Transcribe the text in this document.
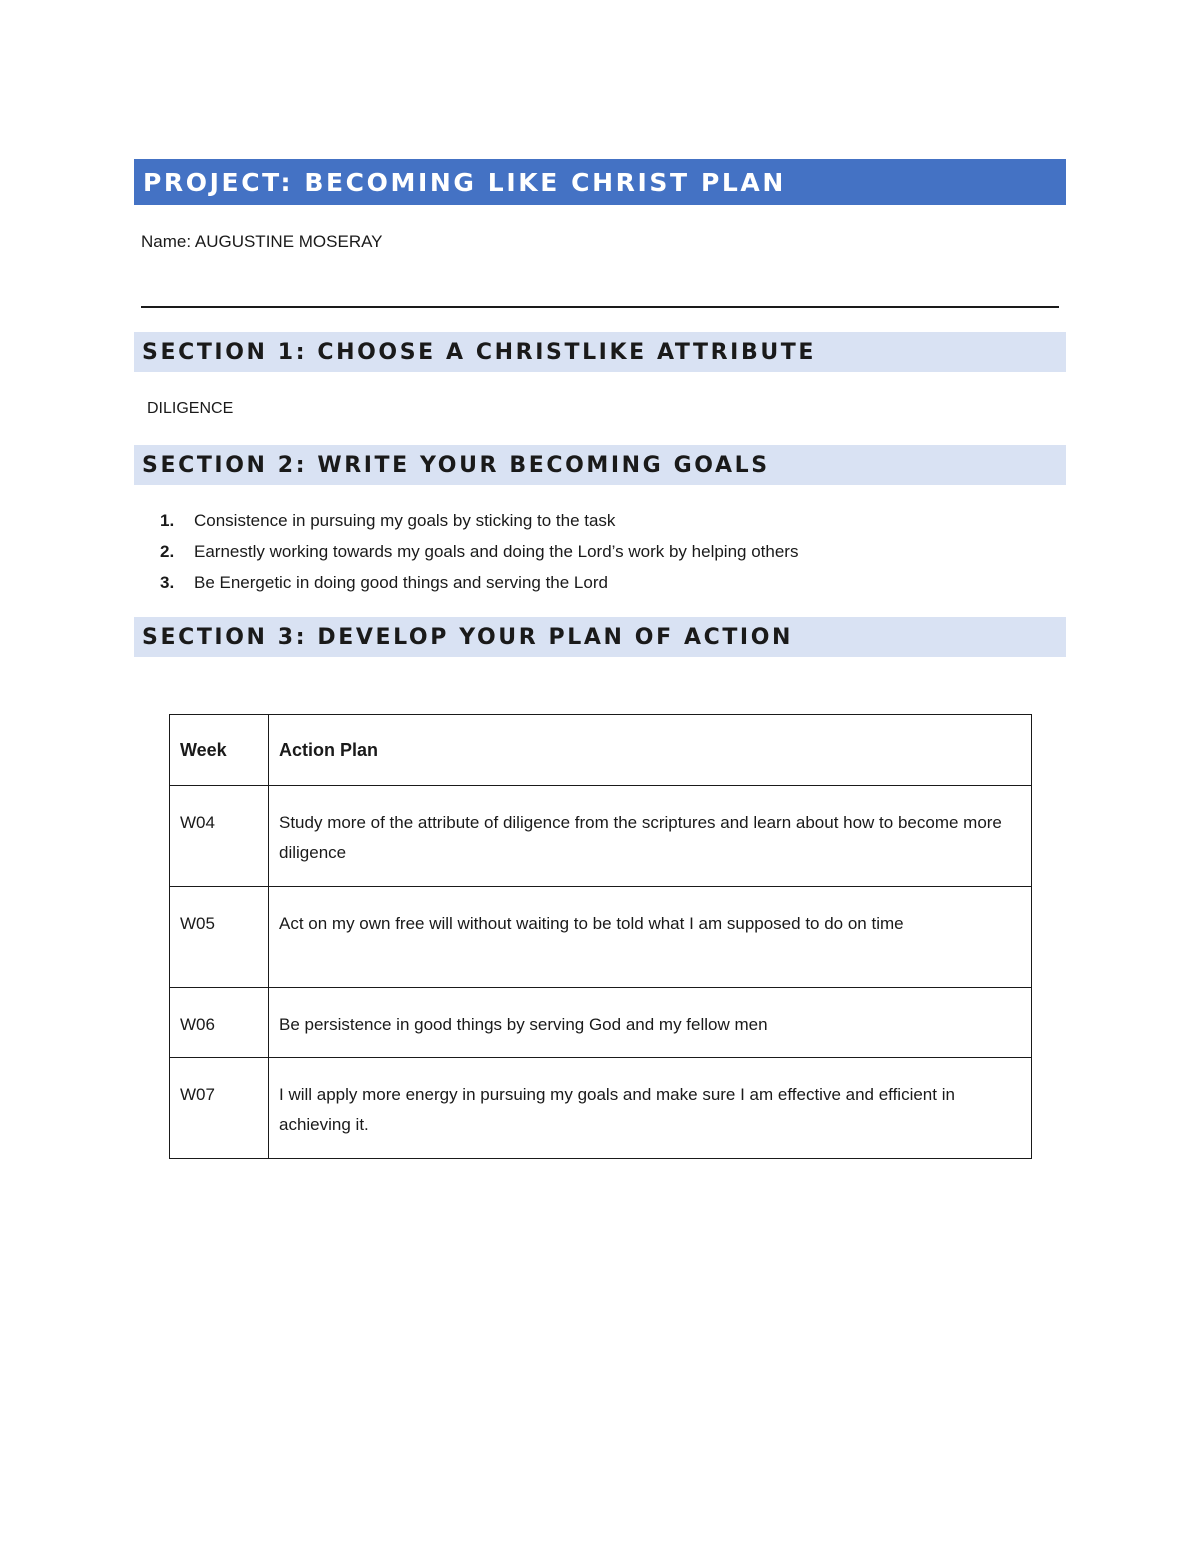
PROJECT: BECOMING LIKE CHRIST PLAN
Name: AUGUSTINE MOSERAY
SECTION 1: CHOOSE A CHRISTLIKE ATTRIBUTE
DILIGENCE
SECTION 2: WRITE YOUR BECOMING GOALS
1.	Consistence in pursuing my goals by sticking to the task
2.	Earnestly working towards my goals and doing the Lord’s work by helping others
3.	Be Energetic in doing good things and serving the Lord
SECTION 3: DEVELOP YOUR PLAN OF ACTION
Week	Action Plan
W04	Study more of the attribute of diligence from the scriptures and learn about how to become more diligence
W05	Act on my own free will without waiting to be told what I am supposed to do on time
W06	Be persistence in good things by serving God and my fellow men
W07	I will apply more energy in pursuing my goals and make sure I am effective and efficient in achieving it.
